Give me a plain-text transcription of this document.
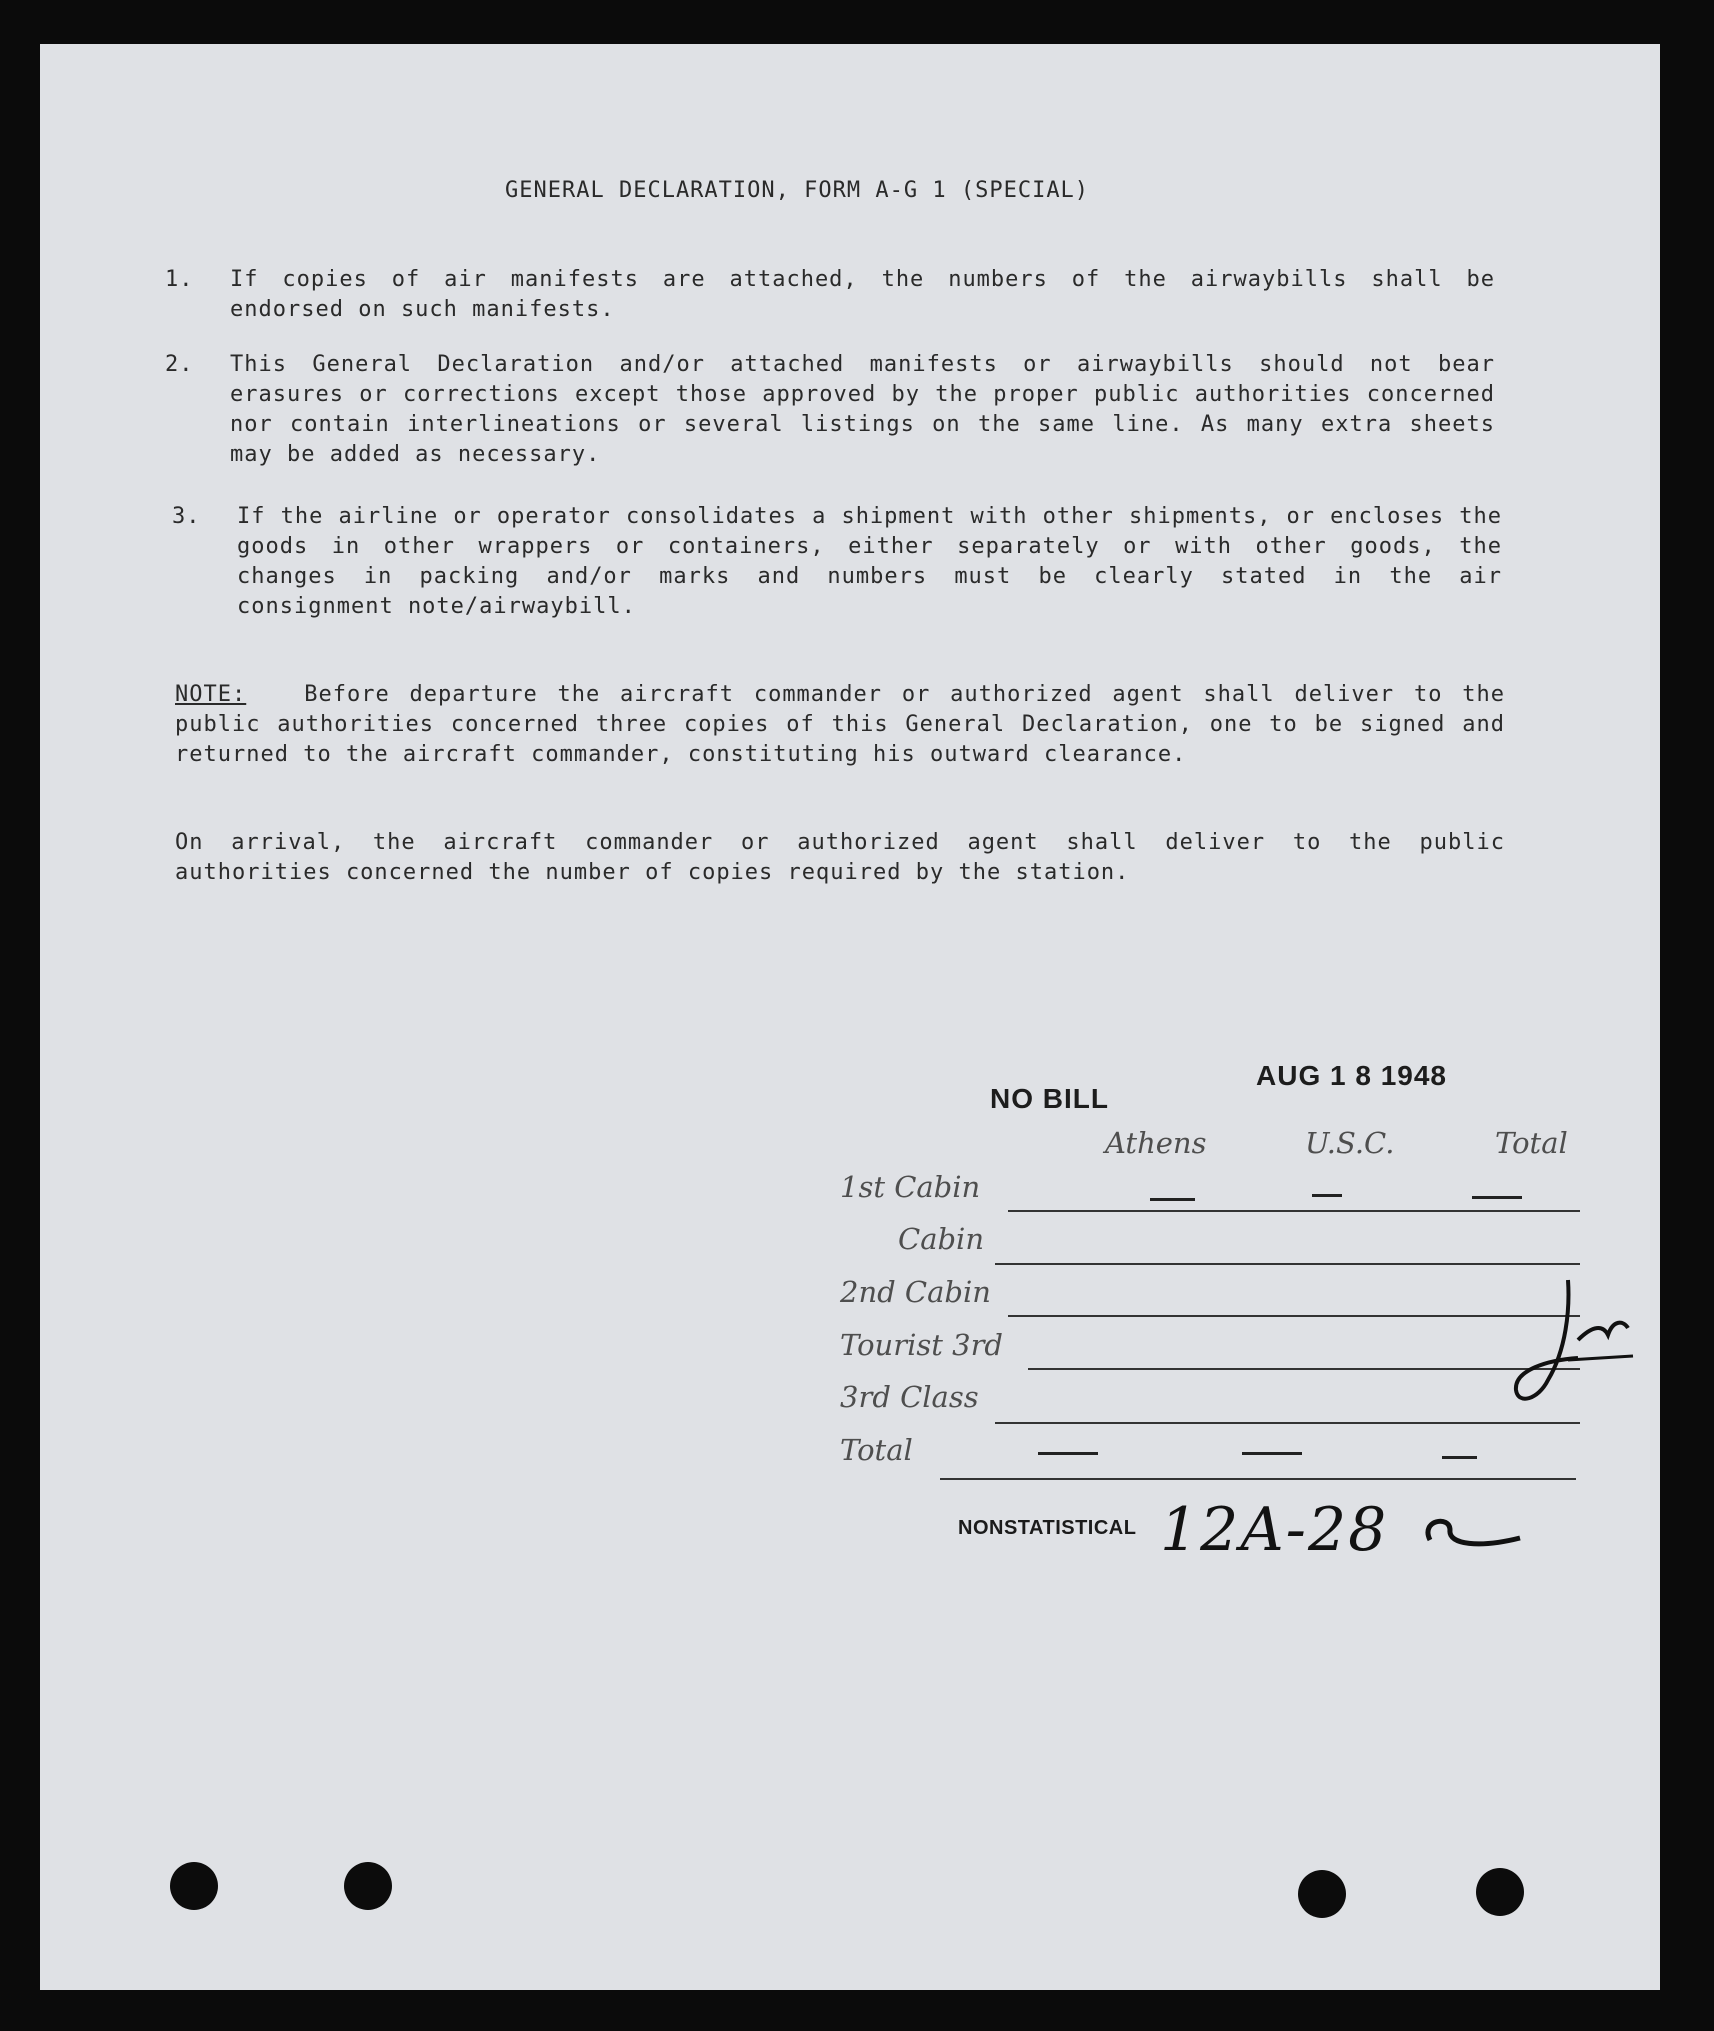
GENERAL DECLARATION, FORM A-G 1 (SPECIAL)
1. If copies of air manifests are attached, the numbers of the airwaybills shall be endorsed on such manifests.
2. This General Declaration and/or attached manifests or airwaybills should not bear erasures or corrections except those approved by the proper public authorities concerned nor contain interlineations or several listings on the same line. As many extra sheets may be added as necessary.
3. If the airline or operator consolidates a shipment with other shipments, or encloses the goods in other wrappers or containers, either separately or with other goods, the changes in packing and/or marks and numbers must be clearly stated in the air consignment note/airwaybill.
NOTE:	Before departure the aircraft commander or authorized agent shall deliver to the public authorities concerned three copies of this General Declaration, one to be signed and returned to the aircraft commander, constituting his outward clearance.
On arrival, the aircraft commander or authorized agent shall deliver to the public authorities concerned the number of copies required by the station.
NO BILL
AUG 1 8 1948
Athens	U.S.C.	Total
1st Cabin
Cabin
2nd Cabin
Tourist 3rd
3rd Class
Total
NONSTATISTICAL 12A-28
